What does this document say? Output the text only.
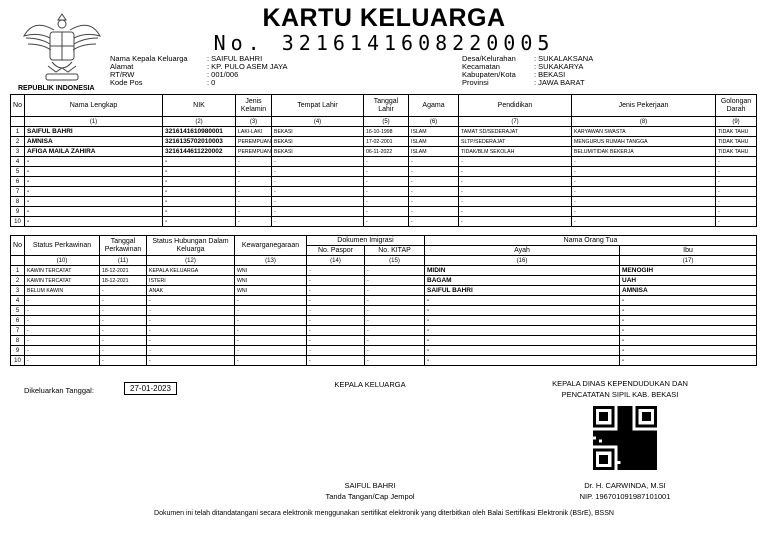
REPUBLIK INDONESIA
KARTU KELUARGA
No. 3216141608220005
Nama Kepala Keluarga	: SAIFUL BAHRI
Alamat	: KP. PULO ASEM JAYA
RT/RW	: 001/006
Kode Pos	: 0
Desa/Kelurahan	: SUKALAKSANA
Kecamatan	: SUKAKARYA
Kabupaten/Kota	: BEKASI
Provinsi	: JAWA BARAT
No	Nama Lengkap	NIK	Jenis Kelamin	Tempat Lahir	Tanggal Lahir	Agama	Pendidikan	Jenis Pekerjaan	Golongan Darah
	(1)	(2)	(3)	(4)	(5)	(6)	(7)	(8)	(9)
1	SAIFUL BAHRI	3216141610980001	LAKI-LAKI	BEKASI	16-10-1998	ISLAM	TAMAT SD/SEDERAJAT	KARYAWAN SWASTA	TIDAK TAHU
2	AMNISA	3216135702010003	PEREMPUAN	BEKASI	17-02-2001	ISLAM	SLTP/SEDERAJAT	MENGURUS RUMAH TANGGA	TIDAK TAHU
3	AFIGA MAILA ZAHIRA	3216144611220002	PEREMPUAN	BEKASI	06-11-2022	ISLAM	TIDAK/BLM SEKOLAH	BELUM/TIDAK BEKERJA	TIDAK TAHU
4	-	-	-	-	-	-	-	-	-
5	-	-	-	-	-	-	-	-	-
6	-	-	-	-	-	-	-	-	-
7	-	-	-	-	-	-	-	-	-
8	-	-	-	-	-	-	-	-	-
9	-	-	-	-	-	-	-	-	-
10	-	-	-	-	-	-	-	-	-
No	Status Perkawinan	Tanggal Perkawinan	Status Hubungan Dalam Keluarga	Kewarganegaraan	Dokumen Imigrasi		Nama Orang Tua	
					No. Paspor	No. KITAP	Ayah	Ibu
	(10)	(11)	(12)	(13)	(14)	(15)	(16)	(17)
1	KAWIN TERCATAT	18-12-2021	KEPALA KELUARGA	WNI	-	-	MIDIN	MENOGIH
2	KAWIN TERCATAT	18-12-2021	ISTERI	WNI	-	-	BAGAM	UAH
3	BELUM KAWIN	-	ANAK	WNI	-	-	SAIFUL BAHRI	AMNISA
4	-	-	-	-	-	-	-	-
5	-	-	-	-	-	-	-	-
6	-	-	-	-	-	-	-	-
7	-	-	-	-	-	-	-	-
8	-	-	-	-	-	-	-	-
9	-	-	-	-	-	-	-	-
10	-	-	-	-	-	-	-	-
Dikeluarkan Tanggal:	27-01-2023	KEPALA KELUARGA	KEPALA DINAS KEPENDUDUKAN DAN
PENCATATAN SIPIL KAB. BEKASI
SAIFUL BAHRI
Tanda Tangan/Cap Jempol
Dr. H. CARWINDA, M.SI
NIP. 196701091987101001
Dokumen ini telah ditandatangani secara elektronik menggunakan sertifikat elektronik yang diterbitkan oleh Balai Sertifikasi Elektronik (BSrE), BSSN
